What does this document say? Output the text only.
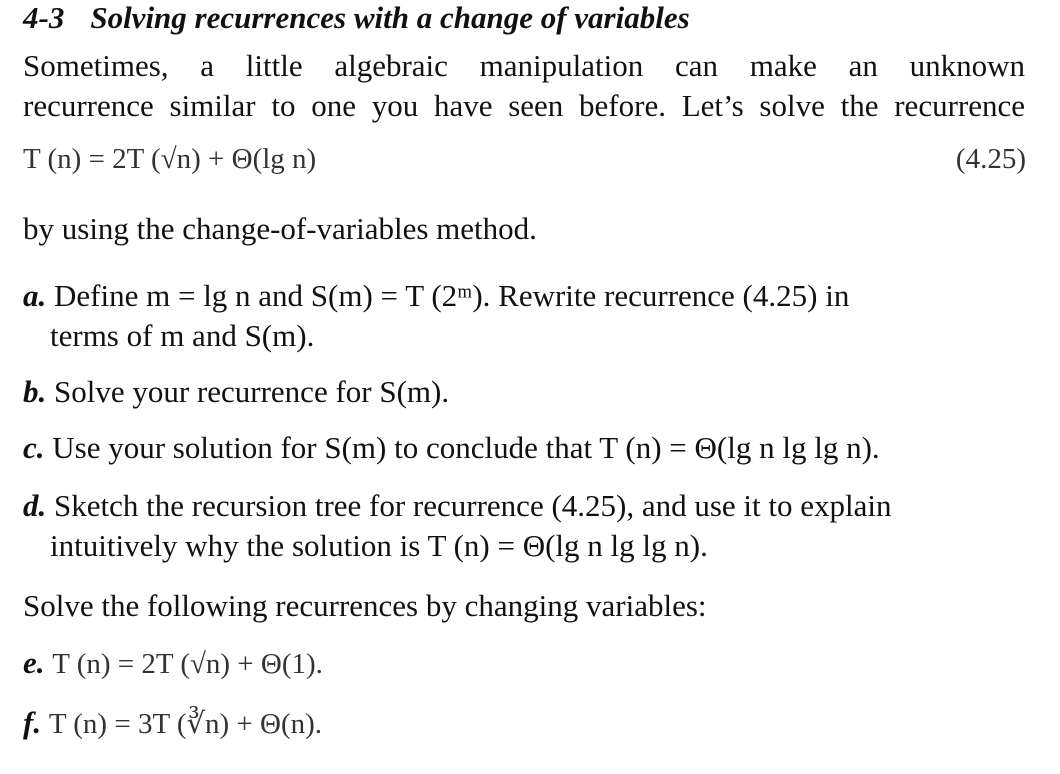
4-3 Solving recurrences with a change of variables
Sometimes, a little algebraic manipulation can make an unknown
recurrence similar to one you have seen before. Let’s solve the recurrence
T (n) = 2T (√n) + Θ(lg n)	(4.25)
by using the change-of-variables method.
a. Define m = lg n and S(m) = T (2ᵐ). Rewrite recurrence (4.25) in
terms of m and S(m).
b. Solve your recurrence for S(m).
c. Use your solution for S(m) to conclude that T (n) = Θ(lg n lg lg n).
d. Sketch the recursion tree for recurrence (4.25), and use it to explain
intuitively why the solution is T (n) = Θ(lg n lg lg n).
Solve the following recurrences by changing variables:
e. T (n) = 2T (√n) + Θ(1).
f. T (n) = 3T (∛n) + Θ(n).
